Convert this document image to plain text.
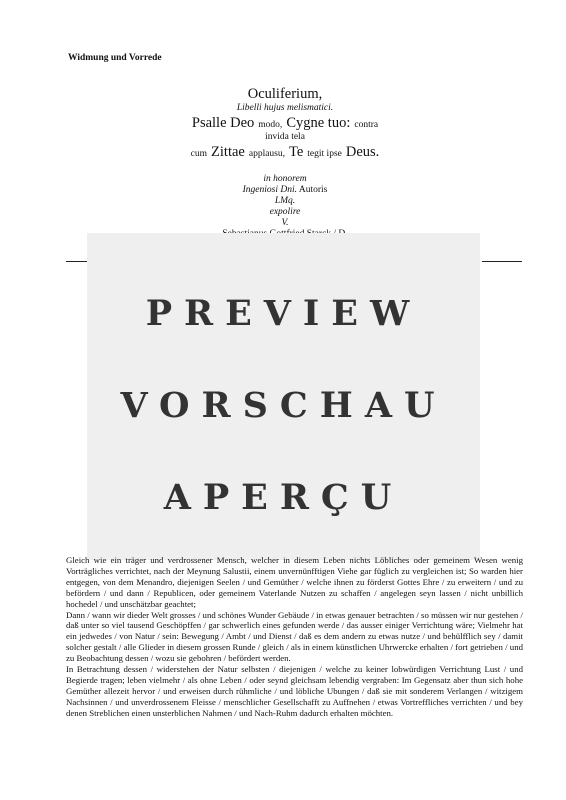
Widmung und Vorrede
Oculiferium,
Libelli hujus melismatici.
Psalle Deo modo, Cygne tuo: contra
invida tela
cum Zittae applausu, Te tegit ipse Deus.
in honorem
Ingeniosi Dni. Autoris
LMq.
expolire
V.
PREVIEW
VORSCHAU
APERÇU

Gleich wie ein träger und verdrossener Mensch, welcher in diesem Leben nichts Löbliches oder gemeinem Wesen wenig Vorträgliches verrichtet, nach der Meynung Salustii, einem unvernünfftigen Viehe gar füglich zu vergleichen ist; So warden hier entgegen, von dem Menandro, diejenigen Seelen / und Gemüther / welche ihnen zu förderst Gottes Ehre / zu erweitern / und zu befördern / und dann / Republicen, oder gemeinem Vaterlande Nutzen zu schaffen / angelegen seyn lassen / nicht unbillich hochedel / und unschätzbar geachtet;

Dann / wann wir dieder Welt grosses / und schönes Wunder Gebäude / in etwas genauer betrachten / so müssen wir nur gestehen / daß unter so viel tausend Geschöpffen / gar schwerlich eines gefunden werde / das ausser einiger Verrichtung wäre; Vielmehr hat ein jedwedes / von Natur / sein: Bewegung / Ambt / und Dienst / daß es dem andern zu etwas nutze / und behülfflich sey / damit solcher gestalt / alle Glieder in diesem grossen Runde / gleich / als in einem künstlichen Uhrwercke erhalten / fort getrieben / und zu Beobachtung dessen / wozu sie gebohren / befördert werden.

In Betrachtung dessen / widerstehen der Natur selbsten / diejenigen / welche zu keiner lobwürdigen Verrichtung Lust / und Begierde tragen; leben vielmehr / als ohne Leben / oder seynd gleichsam lebendig vergraben: Im Gegensatz aber thun sich hohe Gemüther allezeit hervor / und erweisen durch rühmliche / und löbliche Ubungen / daß sie mit sonderem Verlangen / witzigem Nachsinnen / und unverdrossenem Fleisse / menschlicher Gesellschafft zu Auffnehen / etwas Vortreffliches verrichten / und bey denen Streblichen einen unsterblichen Nahmen / und Nach-Ruhm dadurch erhalten möchten.
